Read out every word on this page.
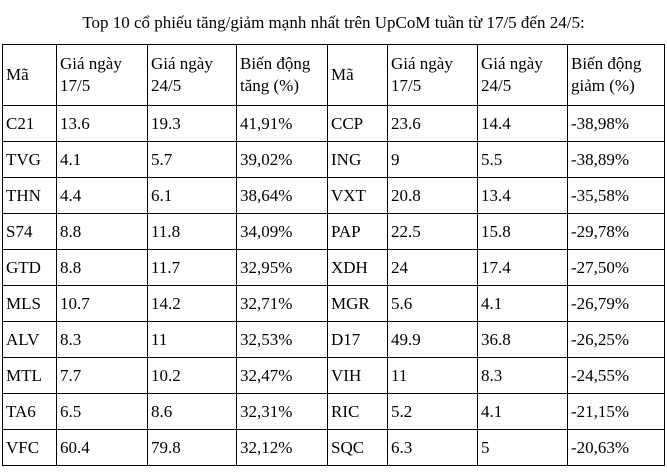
Top 10 cổ phiếu tăng/giảm mạnh nhất trên UpCoM tuần từ 17/5 đến 24/5:
Mã	Giá ngày 17/5	Giá ngày 24/5	Biến động tăng (%)	Mã	Giá ngày 17/5	Giá ngày 24/5	Biến động giảm (%)
C21	13.6	19.3	41,91%	CCP	23.6	14.4	-38,98%
TVG	4.1	5.7	39,02%	ING	9	5.5	-38,89%
THN	4.4	6.1	38,64%	VXT	20.8	13.4	-35,58%
S74	8.8	11.8	34,09%	PAP	22.5	15.8	-29,78%
GTD	8.8	11.7	32,95%	XDH	24	17.4	-27,50%
MLS	10.7	14.2	32,71%	MGR	5.6	4.1	-26,79%
ALV	8.3	11	32,53%	D17	49.9	36.8	-26,25%
MTL	7.7	10.2	32,47%	VIH	11	8.3	-24,55%
TA6	6.5	8.6	32,31%	RIC	5.2	4.1	-21,15%
VFC	60.4	79.8	32,12%	SQC	6.3	5	-20,63%
